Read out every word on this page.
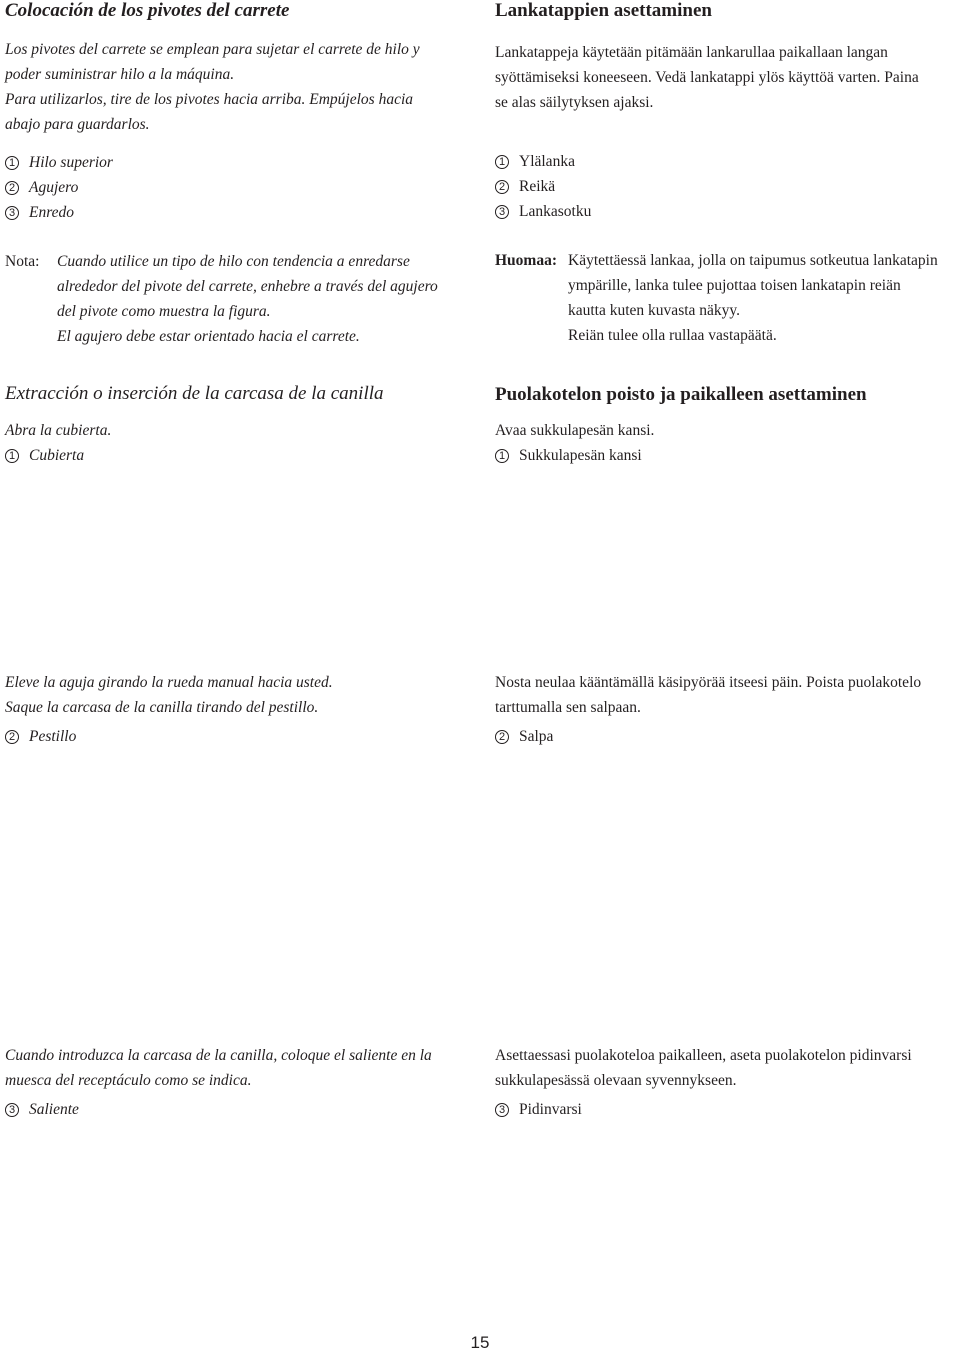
Colocación de los pivotes del carrete

Los pivotes del carrete se emplean para sujetar el carrete de hilo y

poder suministrar hilo a la máquina.

Para utilizarlos, tire de los pivotes hacia arriba. Empújelos hacia

abajo para guardarlos.

1 Hilo superior
2 Agujero
3 Enredo
Nota:	Cuando utilice un tipo de hilo con tendencia a enredarse

alrededor del pivote del carrete, enhebre a través del agujero

del pivote como muestra la figura.

El agujero debe estar orientado hacia el carrete.

Extracción o inserción de la carcasa de la canilla

Abra la cubierta.

1 Cubierta

Eleve la aguja girando la rueda manual hacia usted.

Saque la carcasa de la canilla tirando del pestillo.

2 Pestillo

Cuando introduzca la carcasa de la canilla, coloque el saliente en la

muesca del receptáculo como se indica.

3 Saliente
Lankatappien asettaminen

Lankatappeja käytetään pitämään lankarullaa paikallaan langan

syöttämiseksi koneeseen. Vedä lankatappi ylös käyttöä varten. Paina

se alas säilytyksen ajaksi.

1 Ylälanka
2 Reikä
3 Lankasotku
Huomaa: Käytettäessä lankaa, jolla on taipumus sotkeutua lankatapin

ympärille, lanka tulee pujottaa toisen lankatapin reiän

kautta kuten kuvasta näkyy.

Reiän tulee olla rullaa vastapäätä.

Puolakotelon poisto ja paikalleen asettaminen

Avaa sukkulapesän kansi.

1 Sukkulapesän kansi

Nosta neulaa kääntämällä käsipyörää itseesi päin. Poista puolakotelo

tarttumalla sen salpaan.

2 Salpa

Asettaessasi puolakoteloa paikalleen, aseta puolakotelon pidinvarsi

sukkulapesässä olevaan syvennykseen.

3 Pidinvarsi
15
